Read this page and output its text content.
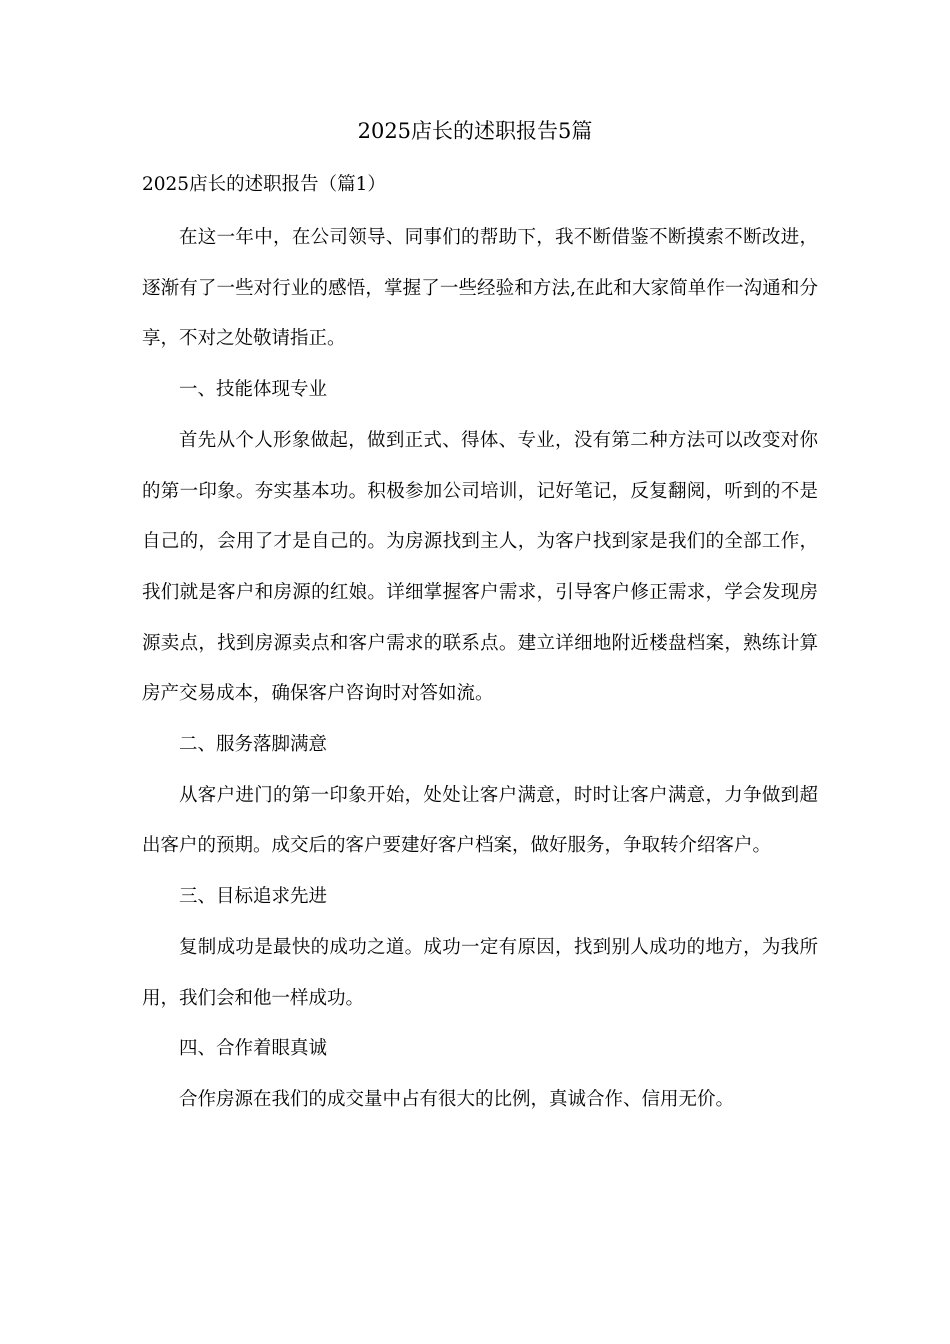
2025店长的述职报告5篇
2025店长的述职报告（篇1）

在这一年中，在公司领导、同事们的帮助下，我不断借鉴不断摸索不断改进，逐渐有了一些对行业的感悟，掌握了一些经验和方法,在此和大家简单作一沟通和分享，不对之处敬请指正。

一、技能体现专业

首先从个人形象做起，做到正式、得体、专业，没有第二种方法可以改变对你的第一印象。夯实基本功。积极参加公司培训，记好笔记，反复翻阅，听到的不是自己的，会用了才是自己的。为房源找到主人，为客户找到家是我们的全部工作，我们就是客户和房源的红娘。详细掌握客户需求，引导客户修正需求，学会发现房源卖点，找到房源卖点和客户需求的联系点。建立详细地附近楼盘档案，熟练计算房产交易成本，确保客户咨询时对答如流。

二、服务落脚满意

从客户进门的第一印象开始，处处让客户满意，时时让客户满意，力争做到超出客户的预期。成交后的客户要建好客户档案，做好服务，争取转介绍客户。

三、目标追求先进

复制成功是最快的成功之道。成功一定有原因，找到别人成功的地方，为我所用，我们会和他一样成功。

四、合作着眼真诚

合作房源在我们的成交量中占有很大的比例，真诚合作、信用无价。
